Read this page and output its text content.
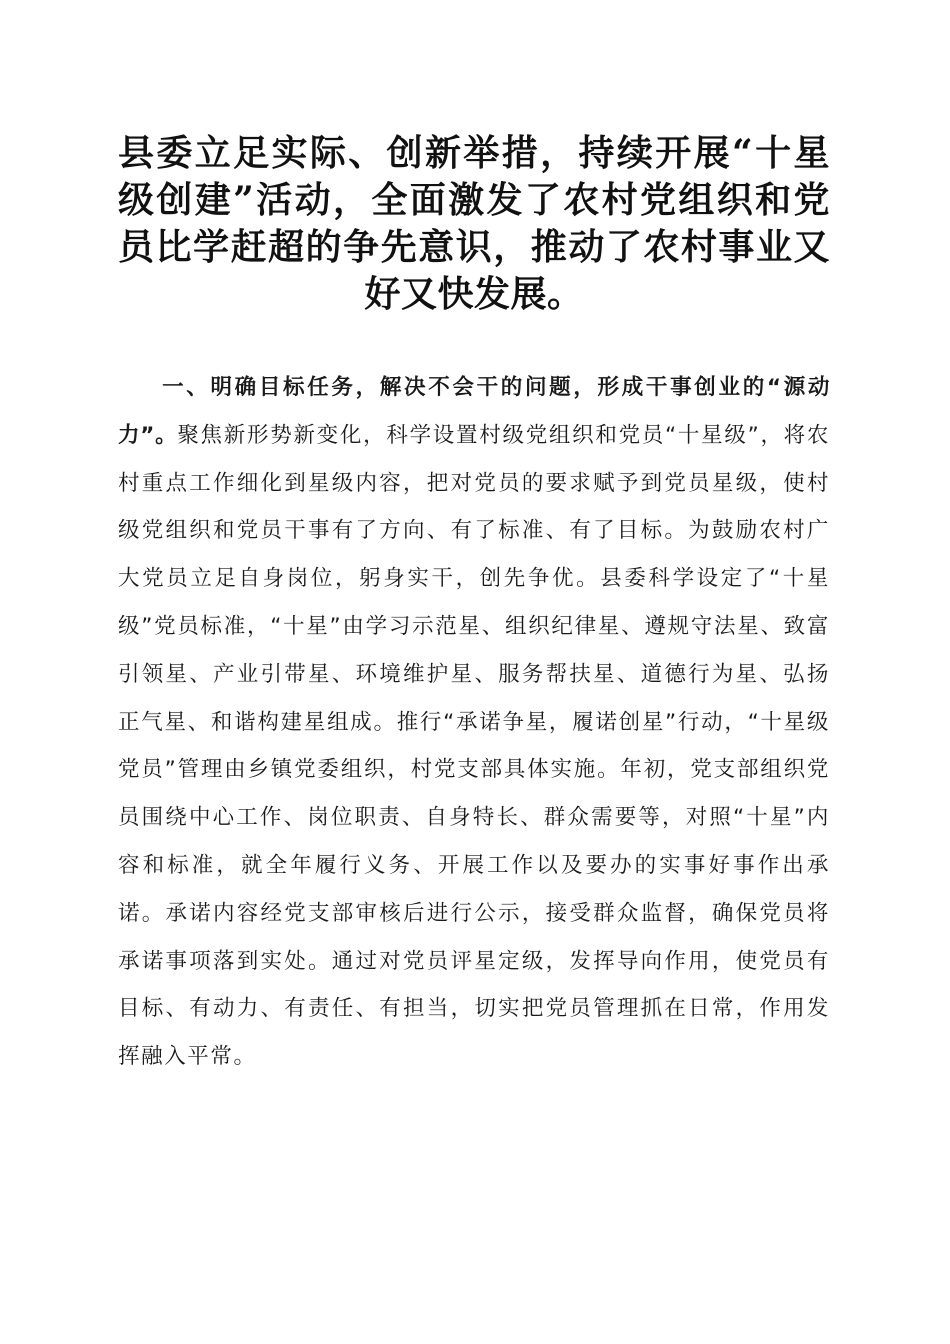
县委立足实际、创新举措，持续开展“十星级创建”活动，全面激发了农村党组织和党员比学赶超的争先意识，推动了农村事业又好又快发展。

一、明确目标任务，解决不会干的问题，形成干事创业的“源动力”。聚焦新形势新变化，科学设置村级党组织和党员“十星级”，将农村重点工作细化到星级内容，把对党员的要求赋予到党员星级，使村级党组织和党员干事有了方向、有了标准、有了目标。为鼓励农村广大党员立足自身岗位，躬身实干，创先争优。县委科学设定了“十星级”党员标准，“十星”由学习示范星、组织纪律星、遵规守法星、致富引领星、产业引带星、环境维护星、服务帮扶星、道德行为星、弘扬正气星、和谐构建星组成。推行“承诺争星，履诺创星”行动，“十星级党员”管理由乡镇党委组织，村党支部具体实施。年初，党支部组织党员围绕中心工作、岗位职责、自身特长、群众需要等，对照“十星”内容和标准，就全年履行义务、开展工作以及要办的实事好事作出承诺。承诺内容经党支部审核后进行公示，接受群众监督，确保党员将承诺事项落到实处。通过对党员评星定级，发挥导向作用，使党员有目标、有动力、有责任、有担当，切实把党员管理抓在日常，作用发挥融入平常。
